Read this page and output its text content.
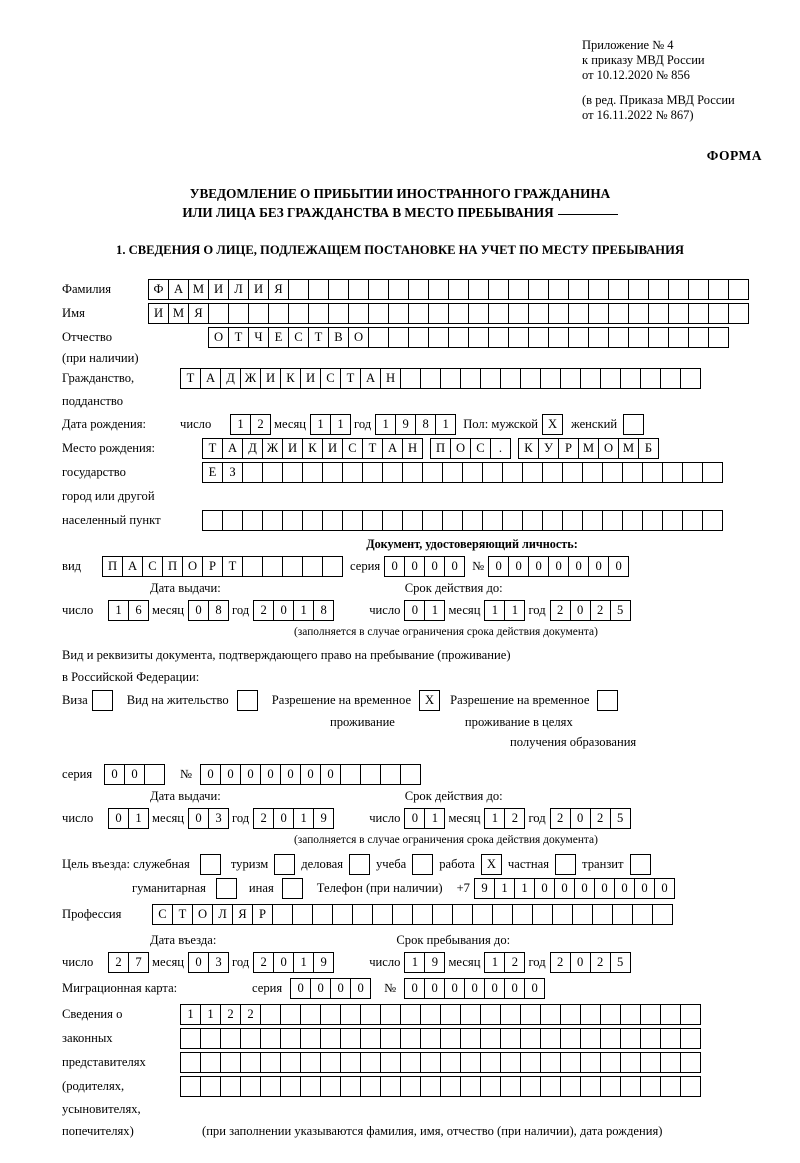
Приложение № 4
к приказу МВД России
от 10.12.2020 № 856
(в ред. Приказа МВД России
от 16.11.2022 № 867)
ФОРМА
УВЕДОМЛЕНИЕ О ПРИБЫТИИ ИНОСТРАННОГО ГРАЖДАНИНА
ИЛИ ЛИЦА БЕЗ ГРАЖДАНСТВА В МЕСТО ПРЕБЫВАНИЯ
1. СВЕДЕНИЯ О ЛИЦЕ, ПОДЛЕЖАЩЕМ ПОСТАНОВКЕ НА УЧЕТ ПО МЕСТУ ПРЕБЫВАНИЯ
Фамилия	Ф А М И Л И Я
Имя	И М Я
Отчество	О Т Ч Е С Т В О
(при наличии)
Гражданство,	Т А Д Ж И К И С Т А Н
подданство
Дата рождения:	число	1	2 месяц 1	1 год 1	9	8	1	Пол: мужской Х	женский
Место рождения:	Т А Д Ж И К И С Т А Н	П О С	.	К У Р М О М Б
государство	Е	З
город или другой
населенный пункт
Документ, удостоверяющий личность:
вид	П А С П О Р	Т	серия 0	0	0	0	№ 0	0	0	0	0	0	0
Дата выдачи:	Срок действия до:
число	1	6 месяц 0	8 год 2	0	1	8	число 0	1 месяц 1	1 год 2	0	2	5
(заполняется в случае ограничения срока действия документа)
Вид и реквизиты документа, подтверждающего право на пребывание (проживание)
в Российской Федерации:
Виза	Вид на жительство	Разрешение на временное	Х	Разрешение на временное
проживание	проживание в целях
получения образования
серия	0	0	№	0	0	0	0	0	0	0
Дата выдачи:	Срок действия до:
число	0	1 месяц 0	3 год 2	0	1	9	число 0	1 месяц 1	2 год 2	0	2	5
(заполняется в случае ограничения срока действия документа)
Цель въезда: служебная	туризм	деловая	учеба	работа Х частная	транзит
гуманитарная	иная	Телефон (при наличии) +7 9	1	1	0	0	0	0	0	0	0
Профессия	С Т О Л Я Р
Дата въезда:	Срок пребывания до:
число	2	7 месяц 0	3 год 2	0	1	9	число 1	9 месяц 1	2 год 2	0	2	5
Миграционная карта:	серия	0	0	0	0	№	0	0	0	0	0	0	0
Сведения о	1	1	2	2
законных
представителях
(родителях,
усыновителях,
попечителях)	(при заполнении указываются фамилия, имя, отчество (при наличии), дата рождения)
